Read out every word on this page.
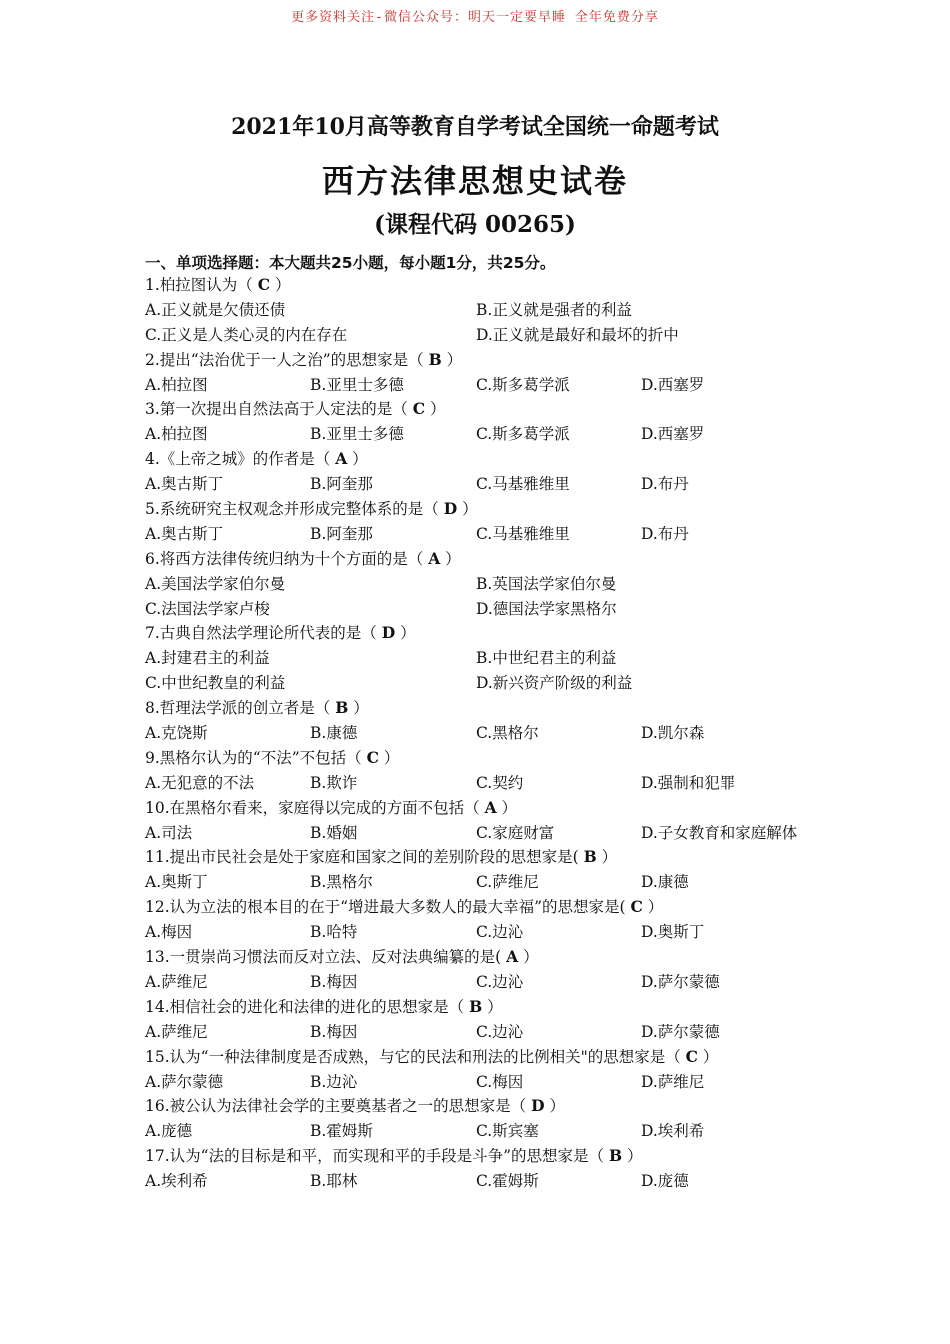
更多资料关注-微信公众号：明天一定要早睡 全年免费分享
2021年10月高等教育自学考试全国统一命题考试
西方法律思想史试卷
(课程代码 00265)
一、单项选择题：本大题共25小题，每小题1分，共25分。
1.柏拉图认为（ C ）
A.正义就是欠债还债	B.正义就是强者的利益
C.正义是人类心灵的内在存在	D.正义就是最好和最坏的折中
2.提出“法治优于一人之治”的思想家是（ B ）
A.柏拉图	B.亚里士多德	C.斯多葛学派	D.西塞罗
3.第一次提出自然法高于人定法的是（ C ）
A.柏拉图	B.亚里士多德	C.斯多葛学派	D.西塞罗
4.《上帝之城》的作者是（ A ）
A.奥古斯丁	B.阿奎那	C.马基雅维里	D.布丹
5.系统研究主权观念并形成完整体系的是（ D ）
A.奥古斯丁	B.阿奎那	C.马基雅维里	D.布丹
6.将西方法律传统归纳为十个方面的是（ A ）
A.美国法学家伯尔曼	B.英国法学家伯尔曼
C.法国法学家卢梭	D.德国法学家黑格尔
7.古典自然法学理论所代表的是（ D ）
A.封建君主的利益	B.中世纪君主的利益
C.中世纪教皇的利益	D.新兴资产阶级的利益
8.哲理法学派的创立者是（ B ）
A.克饶斯	B.康德	C.黑格尔	D.凯尔森
9.黑格尔认为的“不法”不包括（ C ）
A.无犯意的不法	B.欺诈	C.契约	D.强制和犯罪
10.在黑格尔看来，家庭得以完成的方面不包括（ A ）
A.司法	B.婚姻	C.家庭财富	D.子女教育和家庭解体
11.提出市民社会是处于家庭和国家之间的差别阶段的思想家是( B ）
A.奥斯丁	B.黑格尔	C.萨维尼	D.康德
12.认为立法的根本目的在于“增进最大多数人的最大幸福”的思想家是( C ）
A.梅因	B.哈特	C.边沁	D.奥斯丁
13.一贯崇尚习惯法而反对立法、反对法典编纂的是( A ）
A.萨维尼	B.梅因	C.边沁	D.萨尔蒙德
14.相信社会的进化和法律的进化的思想家是（ B ）
A.萨维尼	B.梅因	C.边沁	D.萨尔蒙德
15.认为“一种法律制度是否成熟，与它的民法和刑法的比例相关"的思想家是（ C ）
A.萨尔蒙德	B.边沁	C.梅因	D.萨维尼
16.被公认为法律社会学的主要奠基者之一的思想家是（ D ）
A.庞德	B.霍姆斯	C.斯宾塞	D.埃利希
17.认为“法的目标是和平，而实现和平的手段是斗争”的思想家是（ B ）
A.埃利希	B.耶林	C.霍姆斯	D.庞德
